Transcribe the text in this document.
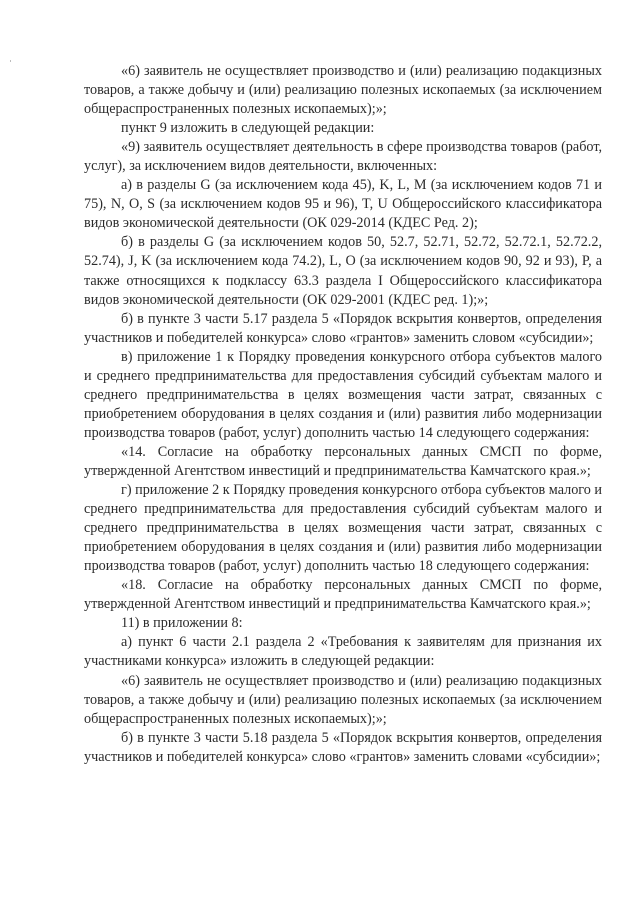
«6) заявитель не осуществляет производство и (или) реализацию подакцизных товаров, а также добычу и (или) реализацию полезных ископаемых (за исключением общераспространенных полезных ископаемых);»;

пункт 9 изложить в следующей редакции:

«9) заявитель осуществляет деятельность в сфере производства товаров (работ, услуг), за исключением видов деятельности, включенных:

а) в разделы G (за исключением кода 45), K, L, M (за исключением кодов 71 и 75), N, O, S (за исключением кодов 95 и 96), T, U Общероссийского классификатора видов экономической деятельности (ОК 029-2014 (КДЕС Ред. 2);

б) в разделы G (за исключением кодов 50, 52.7, 52.71, 52.72, 52.72.1, 52.72.2, 52.74), J, K (за исключением кода 74.2), L, O (за исключением кодов 90, 92 и 93), P, а также относящихся к подклассу 63.3 раздела I Общероссийского классификатора видов экономической деятельности (ОК 029-2001 (КДЕС ред. 1);»;

б) в пункте 3 части 5.17 раздела 5 «Порядок вскрытия конвертов, определения участников и победителей конкурса» слово «грантов» заменить словом «субсидии»;

в) приложение 1 к Порядку проведения конкурсного отбора субъектов малого и среднего предпринимательства для предоставления субсидий субъектам малого и среднего предпринимательства в целях возмещения части затрат, связанных с приобретением оборудования в целях создания и (или) развития либо модернизации производства товаров (работ, услуг) дополнить частью 14 следующего содержания:

«14. Согласие на обработку персональных данных СМСП по форме, утвержденной Агентством инвестиций и предпринимательства Камчатского края.»;

г) приложение 2 к Порядку проведения конкурсного отбора субъектов малого и среднего предпринимательства для предоставления субсидий субъектам малого и среднего предпринимательства в целях возмещения части затрат, связанных с приобретением оборудования в целях создания и (или) развития либо модернизации производства товаров (работ, услуг) дополнить частью 18 следующего содержания:

«18. Согласие на обработку персональных данных СМСП по форме, утвержденной Агентством инвестиций и предпринимательства Камчатского края.»;

11) в приложении 8:

а) пункт 6 части 2.1 раздела 2 «Требования к заявителям для признания их участниками конкурса» изложить в следующей редакции:

«6) заявитель не осуществляет производство и (или) реализацию подакцизных товаров, а также добычу и (или) реализацию полезных ископаемых (за исключением общераспространенных полезных ископаемых);»;

б) в пункте 3 части 5.18 раздела 5 «Порядок вскрытия конвертов, определения участников и победителей конкурса» слово «грантов» заменить словами «субсидии»;
